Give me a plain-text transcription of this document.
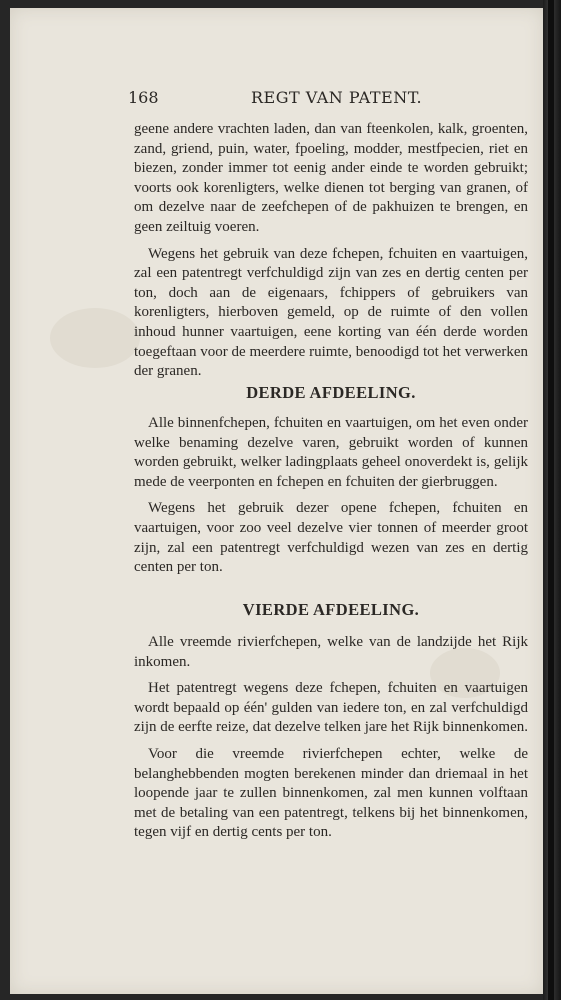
168	REGT VAN PATENT.

geene andere vrachten laden, dan van fteenkolen, kalk, groenten, zand, griend, puin, water, fpoeling, modder, mestfpecien, riet en biezen, zonder immer tot eenig ander einde te worden gebruikt; voorts ook korenligters, welke dienen tot berging van granen, of om dezelve naar de zeefchepen of de pakhuizen te brengen, en geen zeiltuig voeren.

Wegens het gebruik van deze fchepen, fchuiten en vaartuigen, zal een patentregt verfchuldigd zijn van zes en dertig centen per ton, doch aan de eigenaars, fchippers of gebruikers van korenligters, hierboven gemeld, op de ruimte of den vollen inhoud hunner vaartuigen, eene korting van één derde worden toegeftaan voor de meerdere ruimte, benoodigd tot het verwerken der granen.

DERDE AFDEELING.

Alle binnenfchepen, fchuiten en vaartuigen, om het even onder welke benaming dezelve varen, gebruikt worden of kunnen worden gebruikt, welker ladingplaats geheel onoverdekt is, gelijk mede de veerponten en fchepen en fchuiten der gierbruggen.

Wegens het gebruik dezer opene fchepen, fchuiten en vaartuigen, voor zoo veel dezelve vier tonnen of meerder groot zijn, zal een patentregt verfchuldigd wezen van zes en dertig centen per ton.

VIERDE AFDEELING.

Alle vreemde rivierfchepen, welke van de landzijde het Rijk inkomen.

Het patentregt wegens deze fchepen, fchuiten en vaartuigen wordt bepaald op één' gulden van iedere ton, en zal verfchuldigd zijn de eerfte reize, dat dezelve telken jare het Rijk binnenkomen.

Voor die vreemde rivierfchepen echter, welke de belanghebbenden mogten berekenen minder dan driemaal in het loopende jaar te zullen binnenkomen, zal men kunnen volftaan met de betaling van een patentregt, telkens bij het binnenkomen, tegen vijf en dertig cents per ton.
